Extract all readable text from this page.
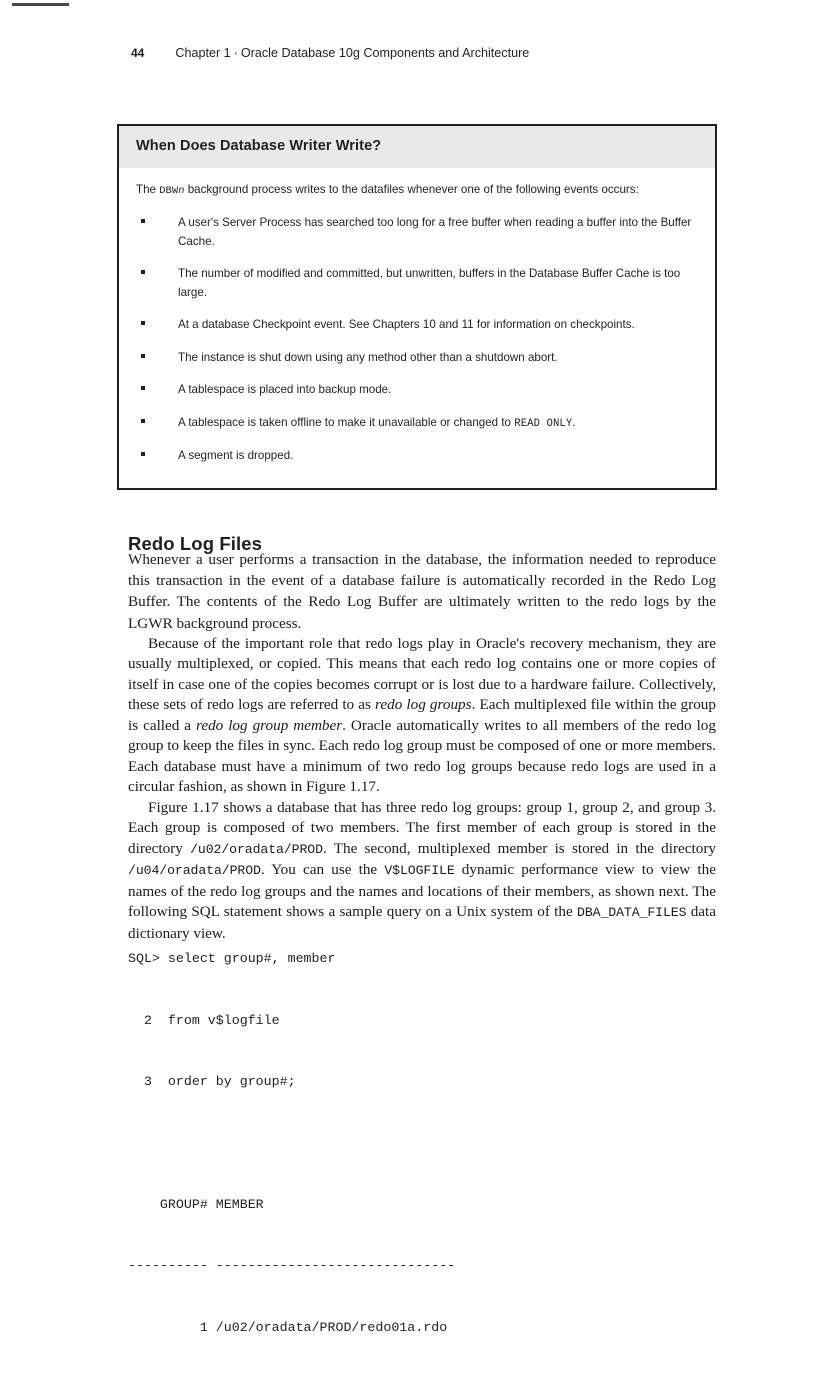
44 Chapter 1 · Oracle Database 10g Components and Architecture
When Does Database Writer Write?

The DBWn background process writes to the datafiles whenever one of the following events occurs:

A user's Server Process has searched too long for a free buffer when reading a buffer into the Buffer Cache.
The number of modified and committed, but unwritten, buffers in the Database Buffer Cache is too large.
At a database Checkpoint event. See Chapters 10 and 11 for information on checkpoints.
The instance is shut down using any method other than a shutdown abort.
A tablespace is placed into backup mode.
A tablespace is taken offline to make it unavailable or changed to READ ONLY.
A segment is dropped.
Redo Log Files

Whenever a user performs a transaction in the database, the information needed to reproduce this transaction in the event of a database failure is automatically recorded in the Redo Log Buffer. The contents of the Redo Log Buffer are ultimately written to the redo logs by the LGWR background process.

Because of the important role that redo logs play in Oracle's recovery mechanism, they are usually multiplexed, or copied. This means that each redo log contains one or more copies of itself in case one of the copies becomes corrupt or is lost due to a hardware failure. Collectively, these sets of redo logs are referred to as redo log groups. Each multiplexed file within the group is called a redo log group member. Oracle automatically writes to all members of the redo log group to keep the files in sync. Each redo log group must be composed of one or more members. Each database must have a minimum of two redo log groups because redo logs are used in a circular fashion, as shown in Figure 1.17.

Figure 1.17 shows a database that has three redo log groups: group 1, group 2, and group 3. Each group is composed of two members. The first member of each group is stored in the directory /u02/oradata/PROD. The second, multiplexed member is stored in the directory /u04/oradata/PROD. You can use the V$LOGFILE dynamic performance view to view the names of the redo log groups and the names and locations of their members, as shown next. The following SQL statement shows a sample query on a Unix system of the DBA_DATA_FILES data dictionary view.

SQL> select group#, member

2  from v$logfile

3  order by group#;

GROUP# MEMBER

---------- ------------------------------

1 /u02/oradata/PROD/redo01a.rdo
